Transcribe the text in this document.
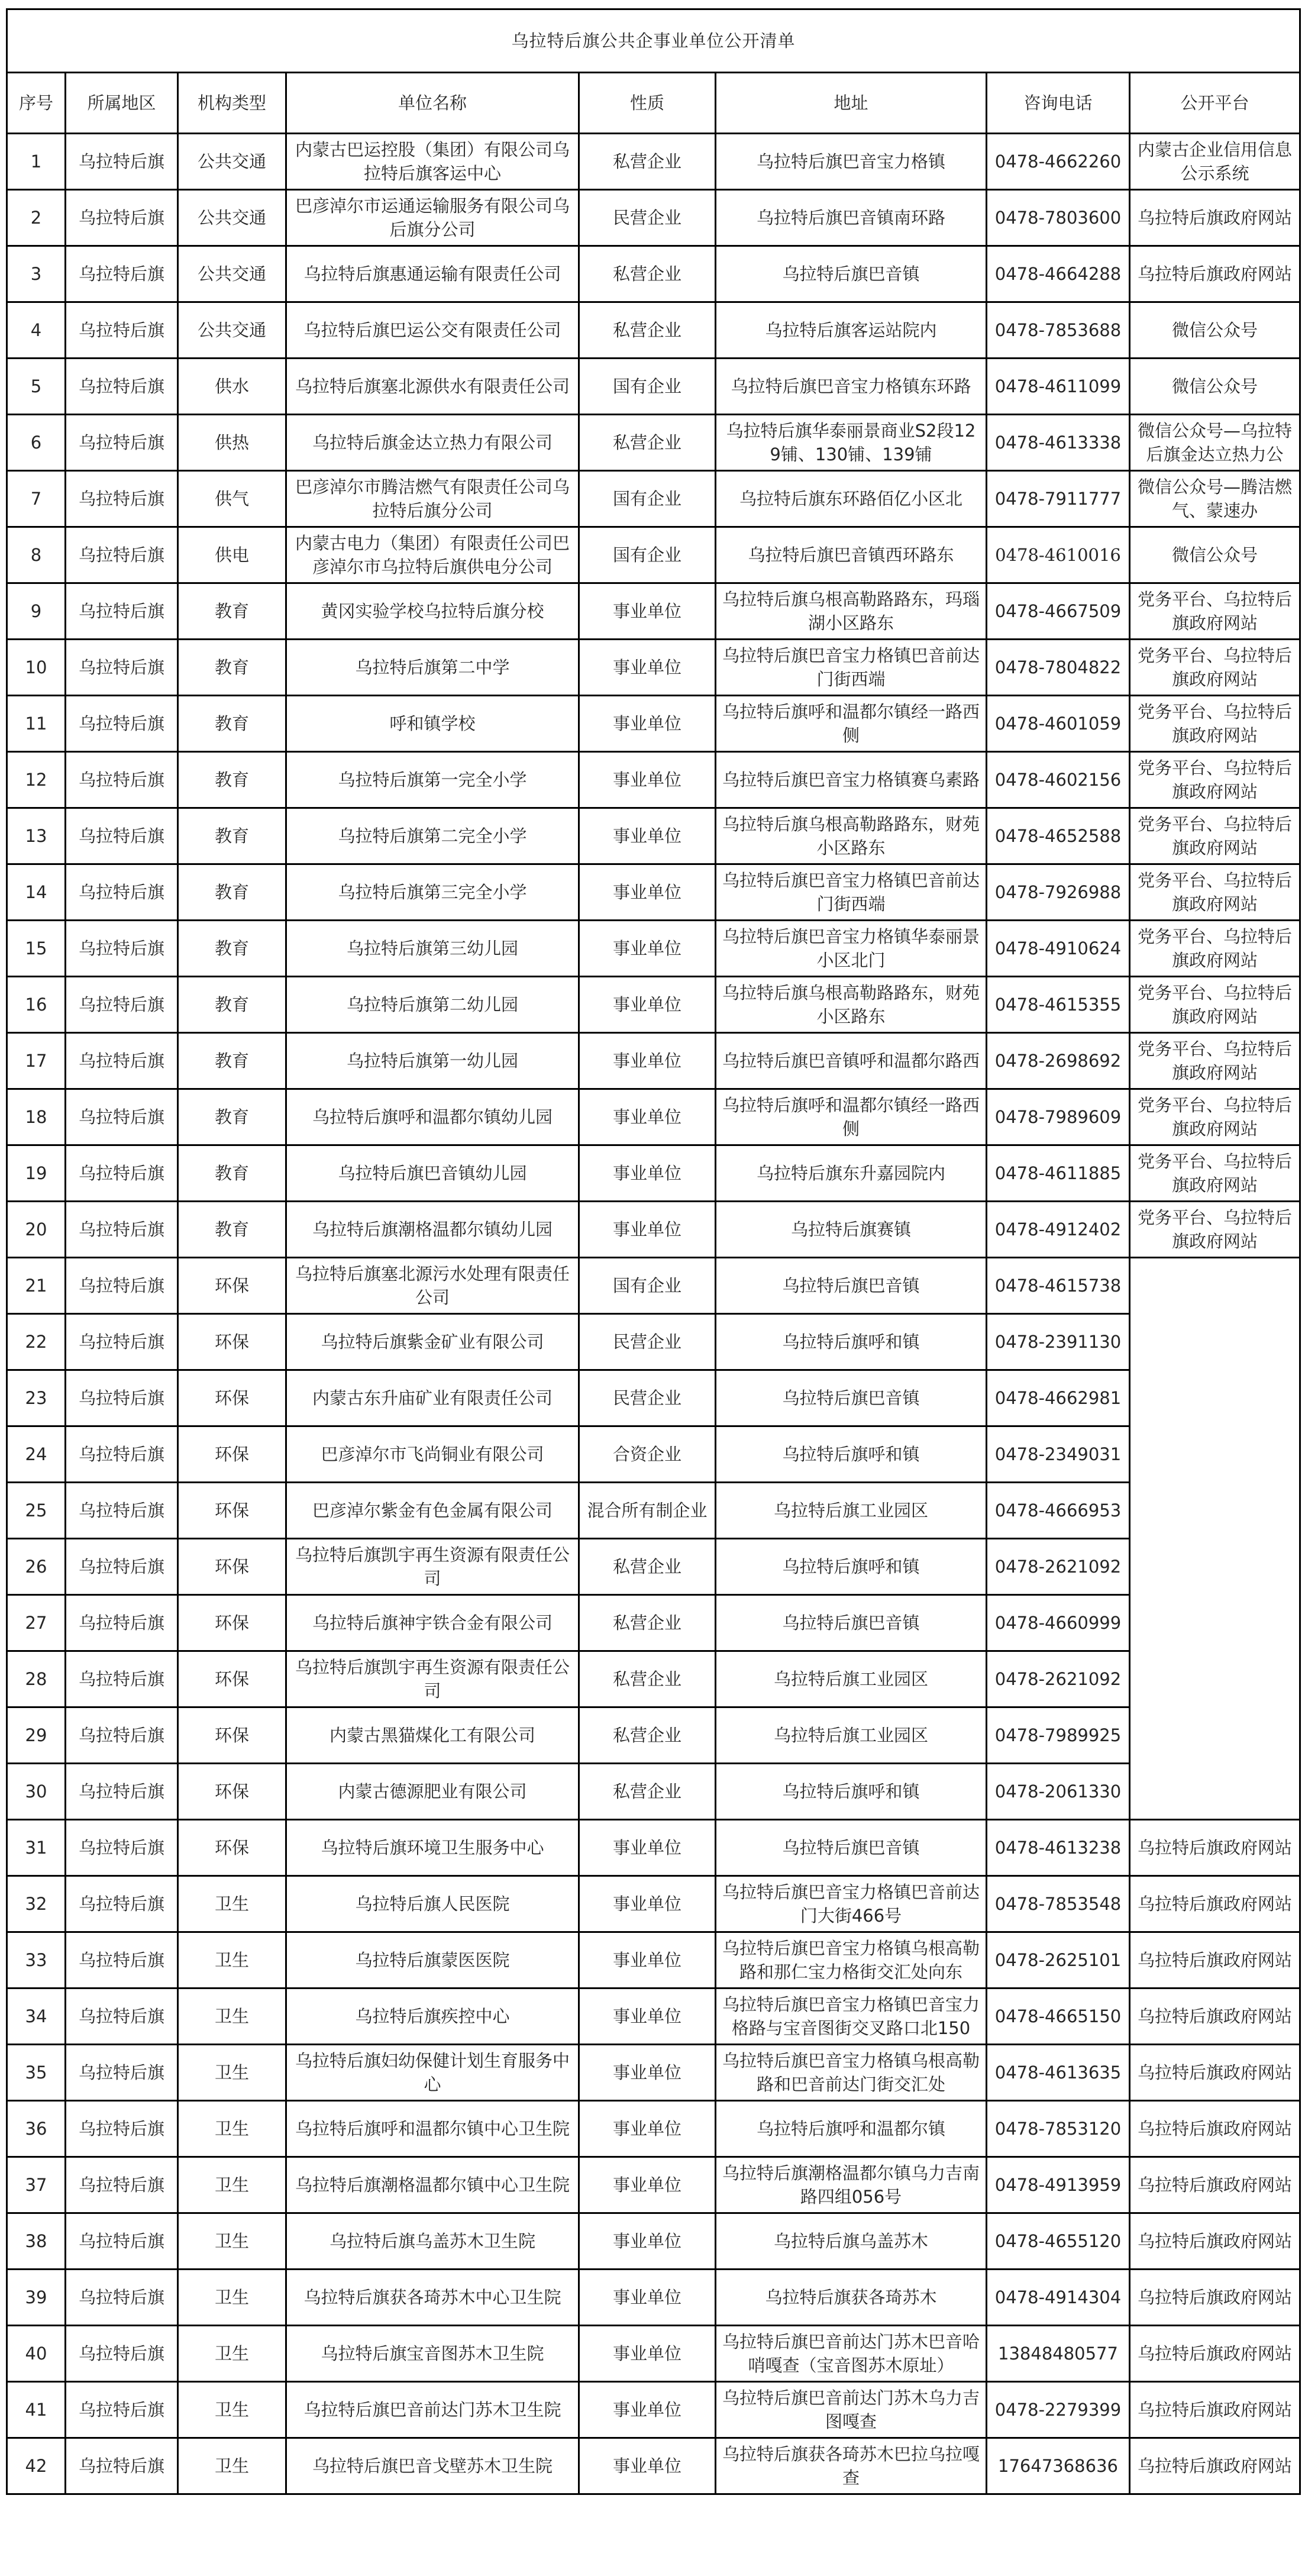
乌拉特后旗公共企事业单位公开清单							
序号	所属地区	机构类型	单位名称	性质	地址	咨询电话	公开平台
1	乌拉特后旗	公共交通	内蒙古巴运控股（集团）有限公司乌拉特后旗客运中心	私营企业	乌拉特后旗巴音宝力格镇	0478-4662260	内蒙古企业信用信息公示系统
2	乌拉特后旗	公共交通	巴彦淖尔市运通运输服务有限公司乌后旗分公司	民营企业	乌拉特后旗巴音镇南环路	0478-7803600	乌拉特后旗政府网站
3	乌拉特后旗	公共交通	乌拉特后旗惠通运输有限责任公司	私营企业	乌拉特后旗巴音镇	0478-4664288	乌拉特后旗政府网站
4	乌拉特后旗	公共交通	乌拉特后旗巴运公交有限责任公司	私营企业	乌拉特后旗客运站院内	0478-7853688	微信公众号
5	乌拉特后旗	供水	乌拉特后旗塞北源供水有限责任公司	国有企业	乌拉特后旗巴音宝力格镇东环路	0478-4611099	微信公众号
6	乌拉特后旗	供热	乌拉特后旗金达立热力有限公司	私营企业	乌拉特后旗华泰丽景商业S2段129铺、130铺、139铺	0478-4613338	微信公众号—乌拉特后旗金达立热力公
7	乌拉特后旗	供气	巴彦淖尔市腾洁燃气有限责任公司乌拉特后旗分公司	国有企业	乌拉特后旗东环路佰亿小区北	0478-7911777	微信公众号—腾洁燃气、蒙速办
8	乌拉特后旗	供电	内蒙古电力（集团）有限责任公司巴彦淖尔市乌拉特后旗供电分公司	国有企业	乌拉特后旗巴音镇西环路东	0478-4610016	微信公众号
9	乌拉特后旗	教育	黄冈实验学校乌拉特后旗分校	事业单位	乌拉特后旗乌根高勒路路东，玛瑙湖小区路东	0478-4667509	党务平台、乌拉特后旗政府网站
10	乌拉特后旗	教育	乌拉特后旗第二中学	事业单位	乌拉特后旗巴音宝力格镇巴音前达门街西端	0478-7804822	党务平台、乌拉特后旗政府网站
11	乌拉特后旗	教育	呼和镇学校	事业单位	乌拉特后旗呼和温都尔镇经一路西侧	0478-4601059	党务平台、乌拉特后旗政府网站
12	乌拉特后旗	教育	乌拉特后旗第一完全小学	事业单位	乌拉特后旗巴音宝力格镇赛乌素路	0478-4602156	党务平台、乌拉特后旗政府网站
13	乌拉特后旗	教育	乌拉特后旗第二完全小学	事业单位	乌拉特后旗乌根高勒路路东，财苑小区路东	0478-4652588	党务平台、乌拉特后旗政府网站
14	乌拉特后旗	教育	乌拉特后旗第三完全小学	事业单位	乌拉特后旗巴音宝力格镇巴音前达门街西端	0478-7926988	党务平台、乌拉特后旗政府网站
15	乌拉特后旗	教育	乌拉特后旗第三幼儿园	事业单位	乌拉特后旗巴音宝力格镇华泰丽景小区北门	0478-4910624	党务平台、乌拉特后旗政府网站
16	乌拉特后旗	教育	乌拉特后旗第二幼儿园	事业单位	乌拉特后旗乌根高勒路路东，财苑小区路东	0478-4615355	党务平台、乌拉特后旗政府网站
17	乌拉特后旗	教育	乌拉特后旗第一幼儿园	事业单位	乌拉特后旗巴音镇呼和温都尔路西	0478-2698692	党务平台、乌拉特后旗政府网站
18	乌拉特后旗	教育	乌拉特后旗呼和温都尔镇幼儿园	事业单位	乌拉特后旗呼和温都尔镇经一路西侧	0478-7989609	党务平台、乌拉特后旗政府网站
19	乌拉特后旗	教育	乌拉特后旗巴音镇幼儿园	事业单位	乌拉特后旗东升嘉园院内	0478-4611885	党务平台、乌拉特后旗政府网站
20	乌拉特后旗	教育	乌拉特后旗潮格温都尔镇幼儿园	事业单位	乌拉特后旗赛镇	0478-4912402	党务平台、乌拉特后旗政府网站
21	乌拉特后旗	环保	乌拉特后旗塞北源污水处理有限责任公司	国有企业	乌拉特后旗巴音镇	0478-4615738	
22	乌拉特后旗	环保	乌拉特后旗紫金矿业有限公司	民营企业	乌拉特后旗呼和镇	0478-2391130	
23	乌拉特后旗	环保	内蒙古东升庙矿业有限责任公司	民营企业	乌拉特后旗巴音镇	0478-4662981	
24	乌拉特后旗	环保	巴彦淖尔市飞尚铜业有限公司	合资企业	乌拉特后旗呼和镇	0478-2349031	
25	乌拉特后旗	环保	巴彦淖尔紫金有色金属有限公司	混合所有制企业	乌拉特后旗工业园区	0478-4666953	
26	乌拉特后旗	环保	乌拉特后旗凯宇再生资源有限责任公司	私营企业	乌拉特后旗呼和镇	0478-2621092	
27	乌拉特后旗	环保	乌拉特后旗神宇铁合金有限公司	私营企业	乌拉特后旗巴音镇	0478-4660999	
28	乌拉特后旗	环保	乌拉特后旗凯宇再生资源有限责任公司	私营企业	乌拉特后旗工业园区	0478-2621092	
29	乌拉特后旗	环保	内蒙古黑猫煤化工有限公司	私营企业	乌拉特后旗工业园区	0478-7989925	
30	乌拉特后旗	环保	内蒙古德源肥业有限公司	私营企业	乌拉特后旗呼和镇	0478-2061330	
31	乌拉特后旗	环保	乌拉特后旗环境卫生服务中心	事业单位	乌拉特后旗巴音镇	0478-4613238	乌拉特后旗政府网站
32	乌拉特后旗	卫生	乌拉特后旗人民医院	事业单位	乌拉特后旗巴音宝力格镇巴音前达门大街466号	0478-7853548	乌拉特后旗政府网站
33	乌拉特后旗	卫生	乌拉特后旗蒙医医院	事业单位	乌拉特后旗巴音宝力格镇乌根高勒路和那仁宝力格街交汇处向东	0478-2625101	乌拉特后旗政府网站
34	乌拉特后旗	卫生	乌拉特后旗疾控中心	事业单位	乌拉特后旗巴音宝力格镇巴音宝力格路与宝音图街交叉路口北150	0478-4665150	乌拉特后旗政府网站
35	乌拉特后旗	卫生	乌拉特后旗妇幼保健计划生育服务中心	事业单位	乌拉特后旗巴音宝力格镇乌根高勒路和巴音前达门街交汇处	0478-4613635	乌拉特后旗政府网站
36	乌拉特后旗	卫生	乌拉特后旗呼和温都尔镇中心卫生院	事业单位	乌拉特后旗呼和温都尔镇	0478-7853120	乌拉特后旗政府网站
37	乌拉特后旗	卫生	乌拉特后旗潮格温都尔镇中心卫生院	事业单位	乌拉特后旗潮格温都尔镇乌力吉南路四组056号	0478-4913959	乌拉特后旗政府网站
38	乌拉特后旗	卫生	乌拉特后旗乌盖苏木卫生院	事业单位	乌拉特后旗乌盖苏木	0478-4655120	乌拉特后旗政府网站
39	乌拉特后旗	卫生	乌拉特后旗获各琦苏木中心卫生院	事业单位	乌拉特后旗获各琦苏木	0478-4914304	乌拉特后旗政府网站
40	乌拉特后旗	卫生	乌拉特后旗宝音图苏木卫生院	事业单位	乌拉特后旗巴音前达门苏木巴音哈哨嘎查（宝音图苏木原址）	13848480577	乌拉特后旗政府网站
41	乌拉特后旗	卫生	乌拉特后旗巴音前达门苏木卫生院	事业单位	乌拉特后旗巴音前达门苏木乌力吉图嘎查	0478-2279399	乌拉特后旗政府网站
42	乌拉特后旗	卫生	乌拉特后旗巴音戈壁苏木卫生院	事业单位	乌拉特后旗获各琦苏木巴拉乌拉嘎查	17647368636	乌拉特后旗政府网站
